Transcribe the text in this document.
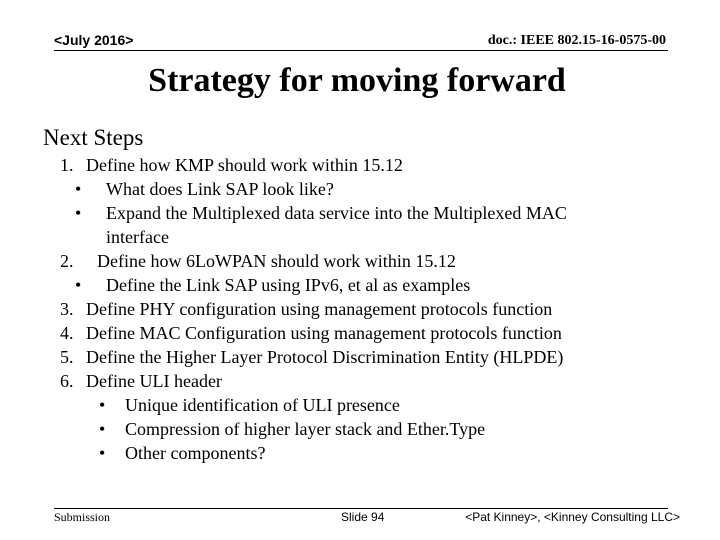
<July 2016>	doc.: IEEE 802.15-16-0575-00
Strategy for moving forward
Next Steps
1. Define how KMP should work within 15.12
• What does Link SAP look like?
• Expand the Multiplexed data service into the Multiplexed MAC
interface
2. Define how 6LoWPAN should work within 15.12
• Define the Link SAP using IPv6, et al as examples
3. Define PHY configuration using management protocols function
4. Define MAC Configuration using management protocols function
5. Define the Higher Layer Protocol Discrimination Entity (HLPDE)
6. Define ULI header
• Unique identification of ULI presence
• Compression of higher layer stack and Ether.Type
• Other components?
Submission	Slide 94	<Pat Kinney>, <Kinney Consulting LLC>
